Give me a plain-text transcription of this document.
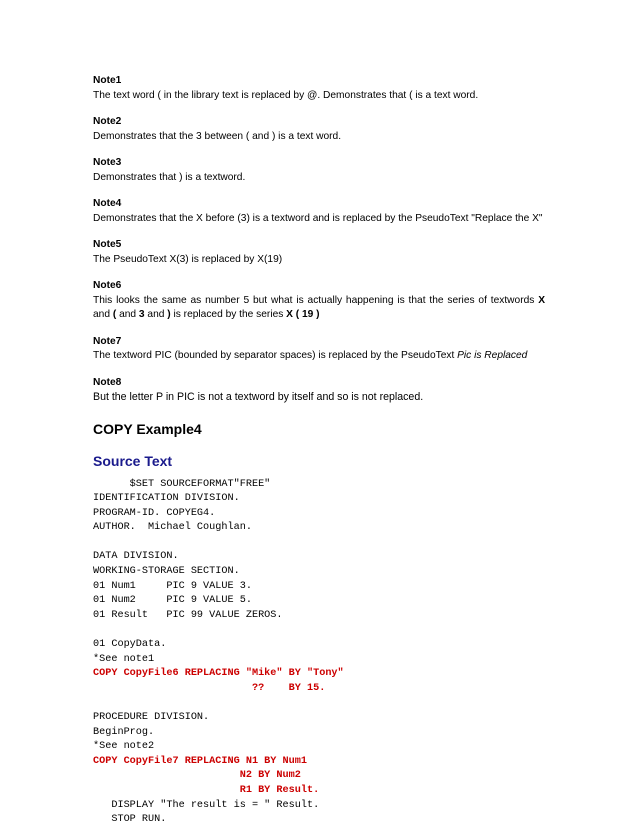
Note1
The text word ( in the library text is replaced by @. Demonstrates that ( is a text word.
Note2
Demonstrates that the 3 between ( and ) is a text word.
Note3
Demonstrates that ) is a textword.
Note4
Demonstrates that the X before (3) is a textword and is replaced by the PseudoText "Replace the X"
Note5
The PseudoText X(3) is replaced by X(19)
Note6
This looks the same as number 5 but what is actually happening is that the series of textwords X and ( and 3 and ) is replaced by the series X ( 19 )
Note7
The textword PIC (bounded by separator spaces) is replaced by the PseudoText Pic is Replaced
Note8
But the letter P in PIC is not a textword by itself and so is not replaced.
COPY Example4
Source Text
$SET SOURCEFORMAT"FREE"
IDENTIFICATION DIVISION.
PROGRAM-ID. COPYEG4.
AUTHOR.  Michael Coughlan.
DATA DIVISION.
WORKING-STORAGE SECTION.
01 Num1     PIC 9 VALUE 3.
01 Num2     PIC 9 VALUE 5.
01 Result   PIC 99 VALUE ZEROS.
01 CopyData.
*See note1
COPY CopyFile6 REPLACING "Mike" BY "Tony"
??    BY 15.
PROCEDURE DIVISION.
BeginProg.
*See note2
COPY CopyFile7 REPLACING N1 BY Num1
N2 BY Num2
R1 BY Result.
DISPLAY "The result is = " Result.
STOP RUN.
